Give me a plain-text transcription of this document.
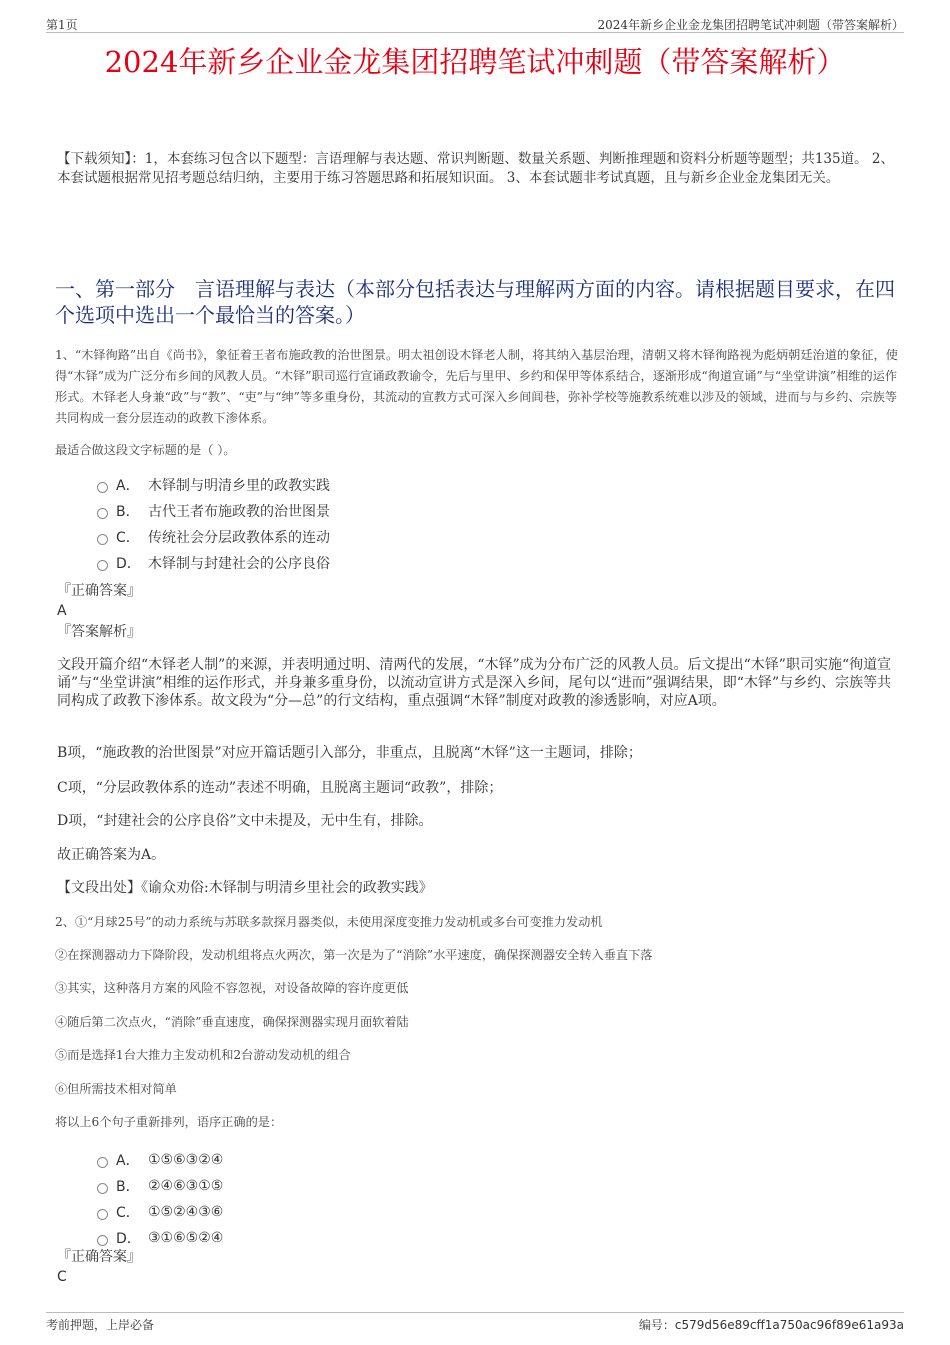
第1页	2024年新乡企业金龙集团招聘笔试冲刺题（带答案解析）
2024年新乡企业金龙集团招聘笔试冲刺题（带答案解析）
【下载须知】：1，本套练习包含以下题型：言语理解与表达题、常识判断题、数量关系题、判断推理题和资料分析题等题型；共135道。 2、本套试题根据常见招考题总结归纳，主要用于练习答题思路和拓展知识面。 3、本套试题非考试真题，且与新乡企业金龙集团无关。
一、第一部分　言语理解与表达（本部分包括表达与理解两方面的内容。请根据题目要求，在四个选项中选出一个最恰当的答案。）
1、“木铎徇路”出自《尚书》，象征着王者布施政教的治世图景。明太祖创设木铎老人制，将其纳入基层治理，清朝又将木铎徇路视为彪炳朝廷治道的象征，使得“木铎”成为广泛分布乡间的风教人员。“木铎”职司巡行宣诵政教谕令，先后与里甲、乡约和保甲等体系结合，逐渐形成“徇道宣诵”与“坐堂讲演”相维的运作形式。木铎老人身兼“政”与“教”、“吏”与“绅”等多重身份，其流动的宣教方式可深入乡间闾巷，弥补学校等施教系统难以涉及的领域，进而与与乡约、宗族等共同构成一套分层连动的政教下渗体系。
最适合做这段文字标题的是（ ）。
A． 木铎制与明清乡里的政教实践
B． 古代王者布施政教的治世图景
C． 传统社会分层政教体系的连动
D． 木铎制与封建社会的公序良俗
『正确答案』
A
『答案解析』
文段开篇介绍“木铎老人制”的来源，并表明通过明、清两代的发展，“木铎”成为分布广泛的风教人员。后文提出“木铎”职司实施“徇道宣诵”与“坐堂讲演”相维的运作形式，并身兼多重身份，以流动宣讲方式是深入乡间，尾句以“进而”强调结果，即“木铎”与乡约、宗族等共同构成了政教下渗体系。故文段为“分—总”的行文结构，重点强调“木铎”制度对政教的渗透影响，对应A项。
B项，“施政教的治世图景”对应开篇话题引入部分，非重点，且脱离“木铎”这一主题词，排除；
C项，“分层政教体系的连动”表述不明确，且脱离主题词“政教”，排除；
D项，“封建社会的公序良俗”文中未提及，无中生有，排除。
故正确答案为A。
【文段出处】《谕众劝俗:木铎制与明清乡里社会的政教实践》
2、①“月球25号”的动力系统与苏联多款探月器类似，未使用深度变推力发动机或多台可变推力发动机
②在探测器动力下降阶段，发动机组将点火两次，第一次是为了“消除”水平速度，确保探测器安全转入垂直下落
③其实，这种落月方案的风险不容忽视，对设备故障的容许度更低
④随后第二次点火，“消除”垂直速度，确保探测器实现月面软着陆
⑤而是选择1台大推力主发动机和2台游动发动机的组合
⑥但所需技术相对简单
将以上6个句子重新排列，语序正确的是：
A． ①⑤⑥③②④
B． ②④⑥③①⑤
C． ①⑤②④③⑥
D． ③①⑥⑤②④
『正确答案』
C
考前押题，上岸必备	编号：c579d56e89cff1a750ac96f89e61a93a
